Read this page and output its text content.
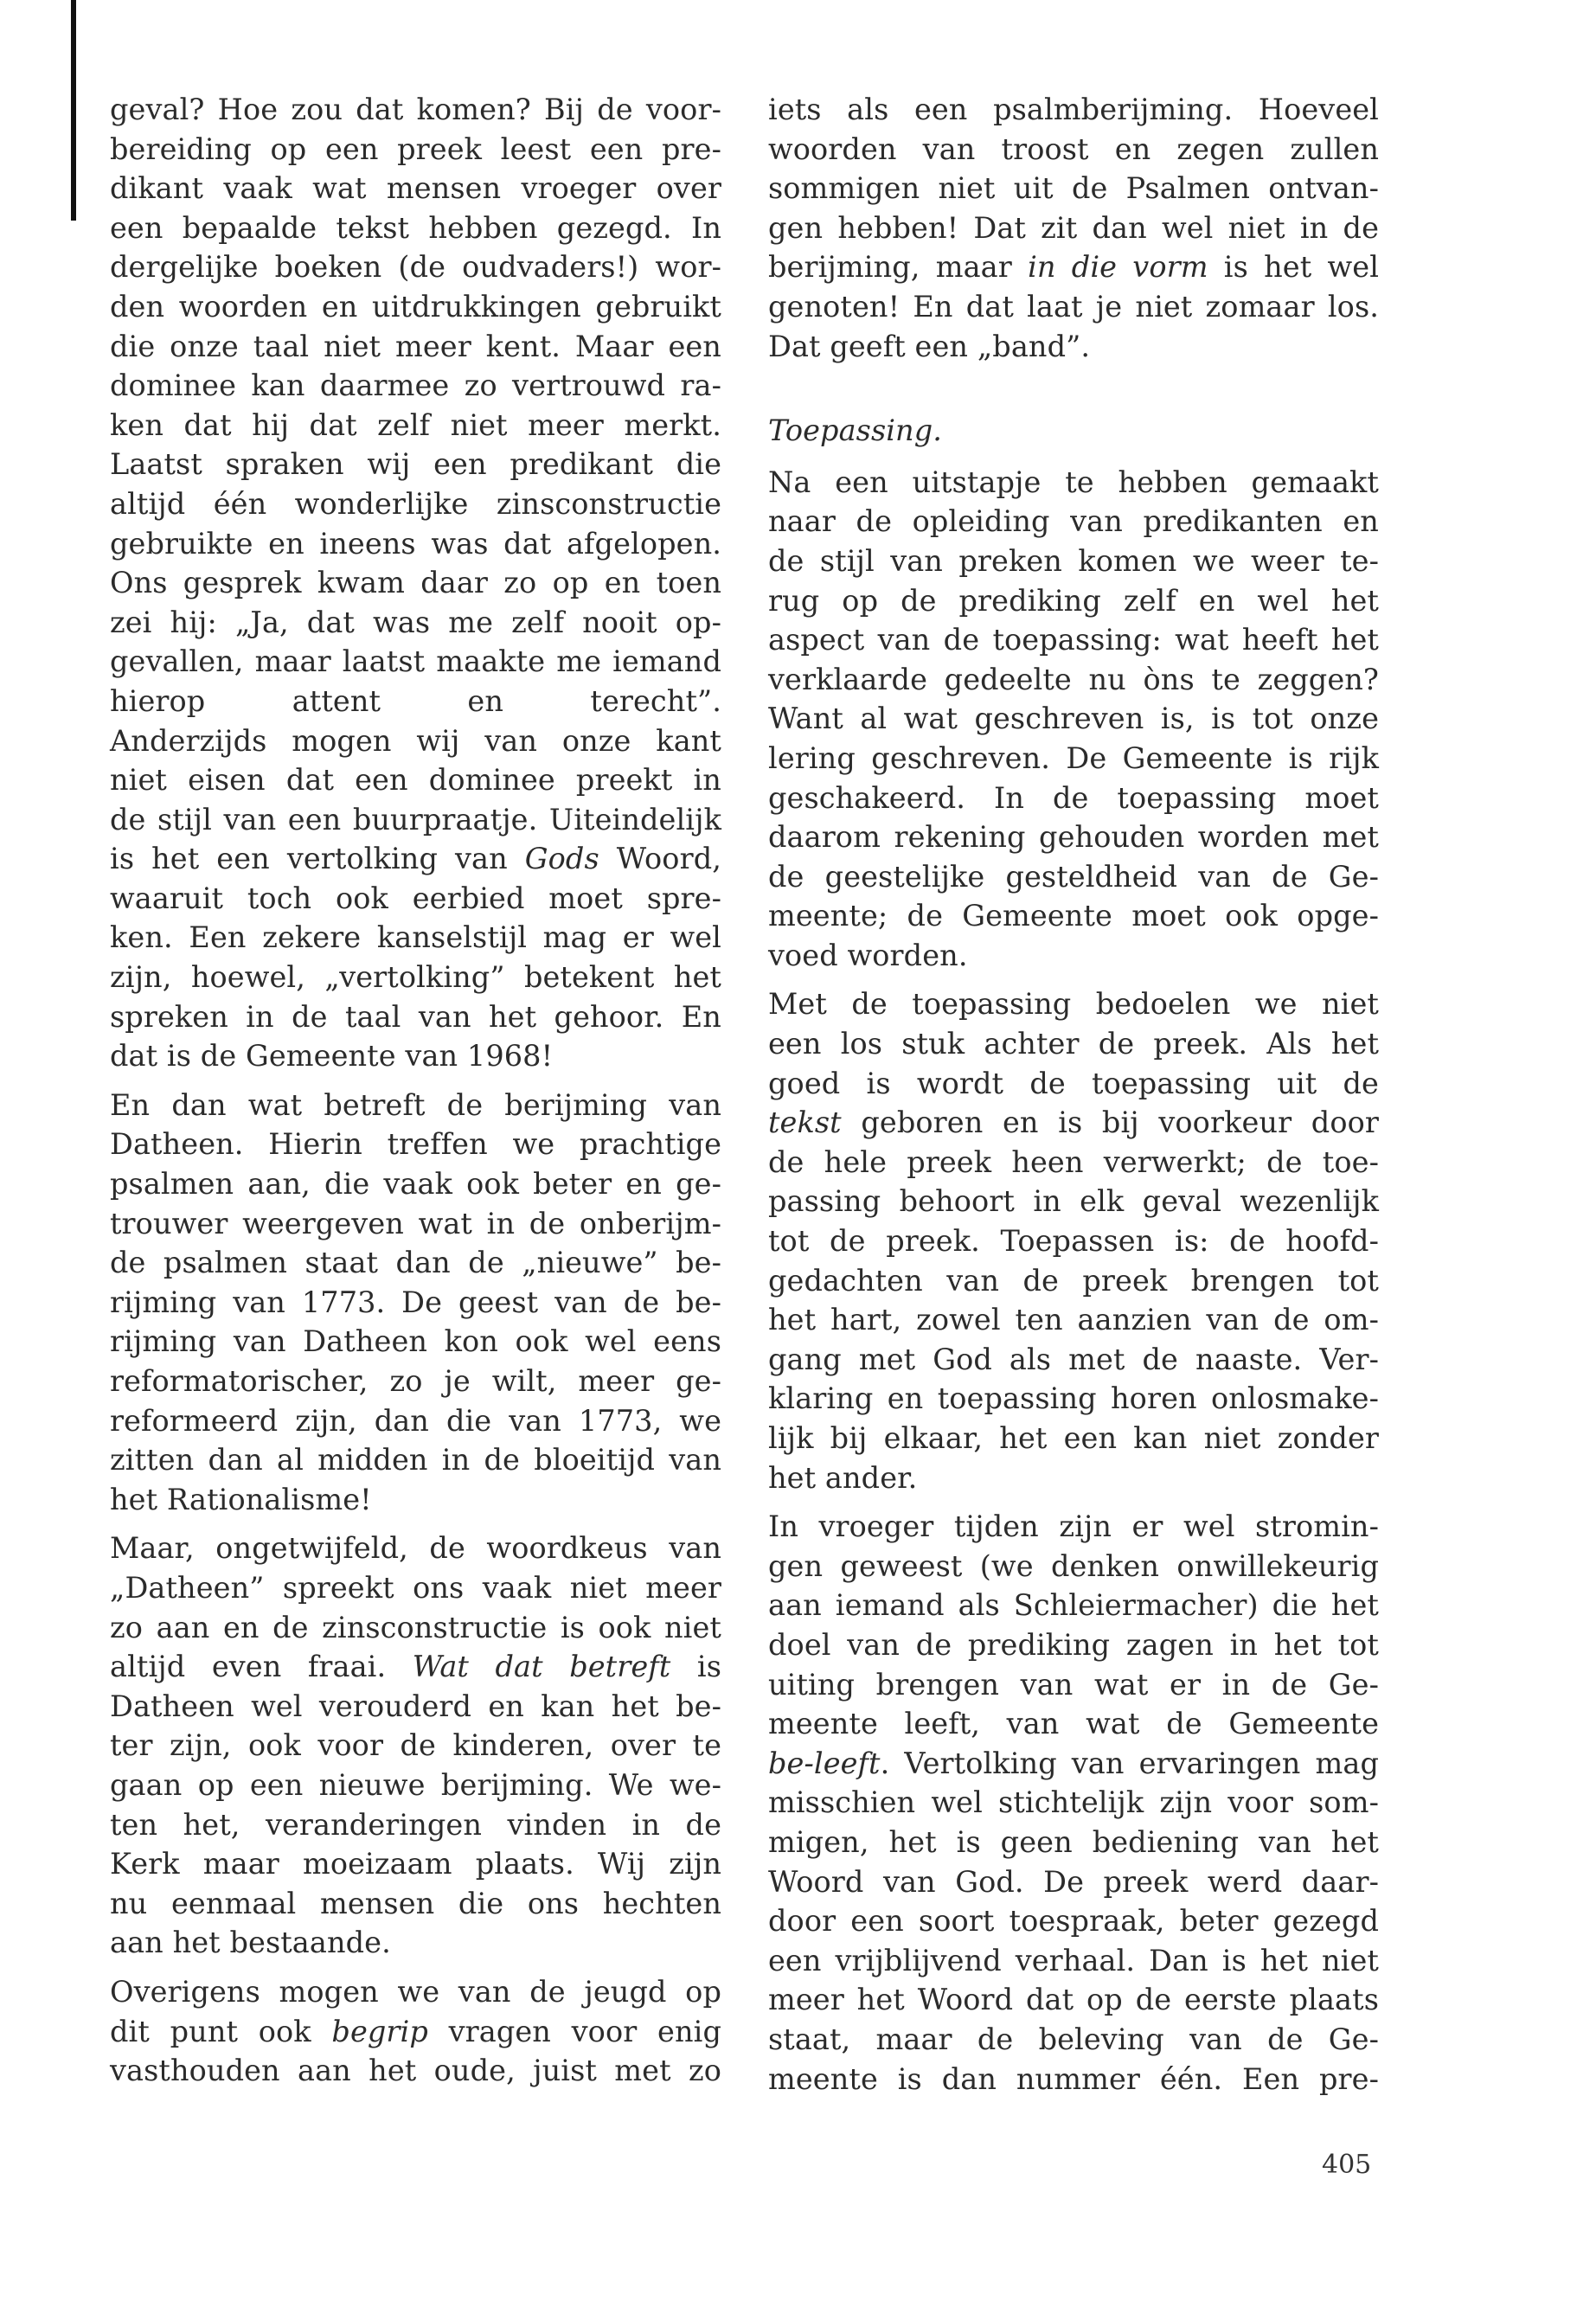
geval? Hoe zou dat komen? Bij de voor-
bereiding op een preek leest een pre-
dikant vaak wat mensen vroeger over
een bepaalde tekst hebben gezegd. In
dergelijke boeken (de oudvaders!) wor-
den woorden en uitdrukkingen gebruikt
die onze taal niet meer kent. Maar een
dominee kan daarmee zo vertrouwd ra-
ken dat hij dat zelf niet meer merkt.
Laatst spraken wij een predikant die
altijd één wonderlijke zinsconstructie
gebruikte en ineens was dat afgelopen.
Ons gesprek kwam daar zo op en toen
zei hij: „Ja, dat was me zelf nooit op-
gevallen, maar laatst maakte me iemand
hierop attent en terecht”.
Anderzijds mogen wij van onze kant
niet eisen dat een dominee preekt in
de stijl van een buurpraatje. Uiteindelijk
is het een vertolking van Gods Woord,
waaruit toch ook eerbied moet spre-
ken. Een zekere kanselstijl mag er wel
zijn, hoewel, „vertolking” betekent het
spreken in de taal van het gehoor. En
dat is de Gemeente van 1968!
En dan wat betreft de berijming van
Datheen. Hierin treffen we prachtige
psalmen aan, die vaak ook beter en ge-
trouwer weergeven wat in de onberijm-
de psalmen staat dan de „nieuwe” be-
rijming van 1773. De geest van de be-
rijming van Datheen kon ook wel eens
reformatorischer, zo je wilt, meer ge-
reformeerd zijn, dan die van 1773, we
zitten dan al midden in de bloeitijd van
het Rationalisme!
Maar, ongetwijfeld, de woordkeus van
„Datheen” spreekt ons vaak niet meer
zo aan en de zinsconstructie is ook niet
altijd even fraai. Wat dat betreft is
Datheen wel verouderd en kan het be-
ter zijn, ook voor de kinderen, over te
gaan op een nieuwe berijming. We we-
ten het, veranderingen vinden in de
Kerk maar moeizaam plaats. Wij zijn
nu eenmaal mensen die ons hechten
aan het bestaande.
Overigens mogen we van de jeugd op
dit punt ook begrip vragen voor enig
vasthouden aan het oude, juist met zo
iets als een psalmberijming. Hoeveel
woorden van troost en zegen zullen
sommigen niet uit de Psalmen ontvan-
gen hebben! Dat zit dan wel niet in de
berijming, maar in die vorm is het wel
genoten! En dat laat je niet zomaar los.
Dat geeft een „band”.
Toepassing.
Na een uitstapje te hebben gemaakt
naar de opleiding van predikanten en
de stijl van preken komen we weer te-
rug op de prediking zelf en wel het
aspect van de toepassing: wat heeft het
verklaarde gedeelte nu òns te zeggen?
Want al wat geschreven is, is tot onze
lering geschreven. De Gemeente is rijk
geschakeerd. In de toepassing moet
daarom rekening gehouden worden met
de geestelijke gesteldheid van de Ge-
meente; de Gemeente moet ook opge-
voed worden.
Met de toepassing bedoelen we niet
een los stuk achter de preek. Als het
goed is wordt de toepassing uit de
tekst geboren en is bij voorkeur door
de hele preek heen verwerkt; de toe-
passing behoort in elk geval wezenlijk
tot de preek. Toepassen is: de hoofd-
gedachten van de preek brengen tot
het hart, zowel ten aanzien van de om-
gang met God als met de naaste. Ver-
klaring en toepassing horen onlosmake-
lijk bij elkaar, het een kan niet zonder
het ander.
In vroeger tijden zijn er wel stromin-
gen geweest (we denken onwillekeurig
aan iemand als Schleiermacher) die het
doel van de prediking zagen in het tot
uiting brengen van wat er in de Ge-
meente leeft, van wat de Gemeente
be-leeft. Vertolking van ervaringen mag
misschien wel stichtelijk zijn voor som-
migen, het is geen bediening van het
Woord van God. De preek werd daar-
door een soort toespraak, beter gezegd
een vrijblijvend verhaal. Dan is het niet
meer het Woord dat op de eerste plaats
staat, maar de beleving van de Ge-
meente is dan nummer één. Een pre-
405
